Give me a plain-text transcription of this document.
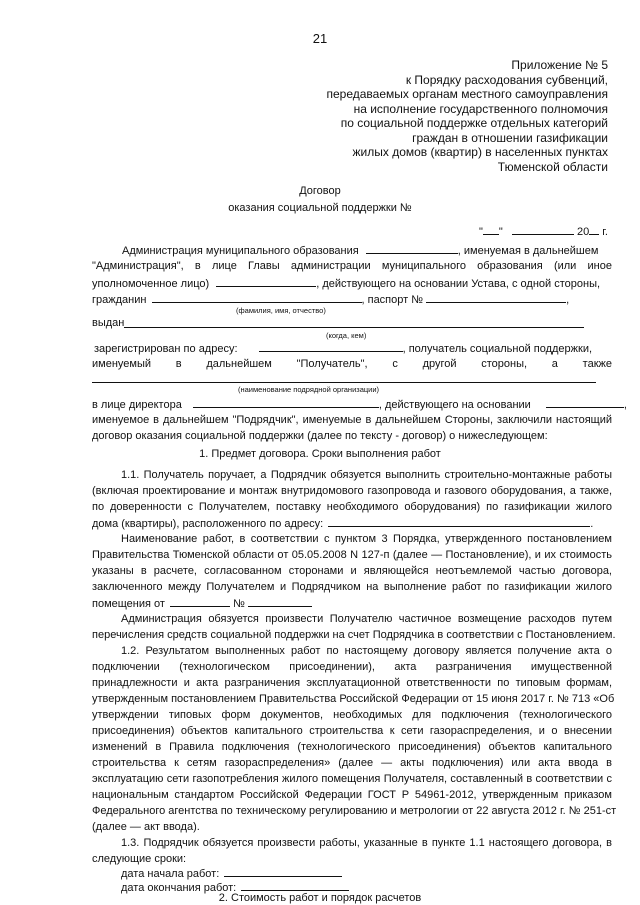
21
Приложение № 5
к Порядку расходования субвенций,
передаваемых органам местного самоуправления
на исполнение государственного полномочия
по социальной поддержке отдельных категорий
граждан в отношении газификации
жилых домов (квартир) в населенных пунктах
Тюменской области
Договор
оказания социальной поддержки №
" "	20 г.
Администрация муниципального образования	, именуемая в дальнейшем
"Администрация", в лице Главы администрации муниципального образования (или иное
уполномоченное лицо)	, действующего на основании Устава, с одной стороны,
гражданин	, паспорт №	,
(фамилия, имя, отчество)
выдан
(когда, кем)
зарегистрирован по адресу:	, получатель социальной поддержки,
именуемый в дальнейшем "Получатель", с другой стороны, а также
(наименование подрядной организации)
в лице директора	, действующего на основании	,
именуемое в дальнейшем "Подрядчик", именуемые в дальнейшем Стороны, заключили настоящий
договор оказания социальной поддержки (далее по тексту - договор) о нижеследующем:
1. Предмет договора. Сроки выполнения работ
1.1. Получатель поручает, а Подрядчик обязуется выполнить строительно-монтажные работы
(включая проектирование и монтаж внутридомового газопровода и газового оборудования, а также,
по доверенности с Получателем, поставку необходимого оборудования) по газификации жилого
дома (квартиры), расположенного по адресу:	.
Наименование работ, в соответствии с пунктом 3 Порядка, утвержденного постановлением
Правительства Тюменской области от 05.05.2008 N 127-п (далее — Постановление), и их стоимость
указаны в расчете, согласованном сторонами и являющейся неотъемлемой частью договора,
заключенного между Получателем и Подрядчиком на выполнение работ по газификации жилого
помещения от	№
Администрация обязуется произвести Получателю частичное возмещение расходов путем
перечисления средств социальной поддержки на счет Подрядчика в соответствии с Постановлением.
1.2. Результатом выполненных работ по настоящему договору является получение акта о
подключении (технологическом присоединении), акта разграничения имущественной
принадлежности и акта разграничения эксплуатационной ответственности по типовым формам,
утвержденным постановлением Правительства Российской Федерации от 15 июня 2017 г. № 713 «Об
утверждении типовых форм документов, необходимых для подключения (технологического
присоединения) объектов капитального строительства к сети газораспределения, и о внесении
изменений в Правила подключения (технологического присоединения) объектов капитального
строительства к сетям газораспределения» (далее — акты подключения) или акта ввода в
эксплуатацию сети газопотребления жилого помещения Получателя, составленный в соответствии с
национальным стандартом Российской Федерации ГОСТ Р 54961-2012, утвержденным приказом
Федерального агентства по техническому регулированию и метрологии от 22 августа 2012 г. № 251-ст
(далее — акт ввода).
1.3. Подрядчик обязуется произвести работы, указанные в пункте 1.1 настоящего договора, в
следующие сроки:
дата начала работ:
дата окончания работ:
2. Стоимость работ и порядок расчетов
